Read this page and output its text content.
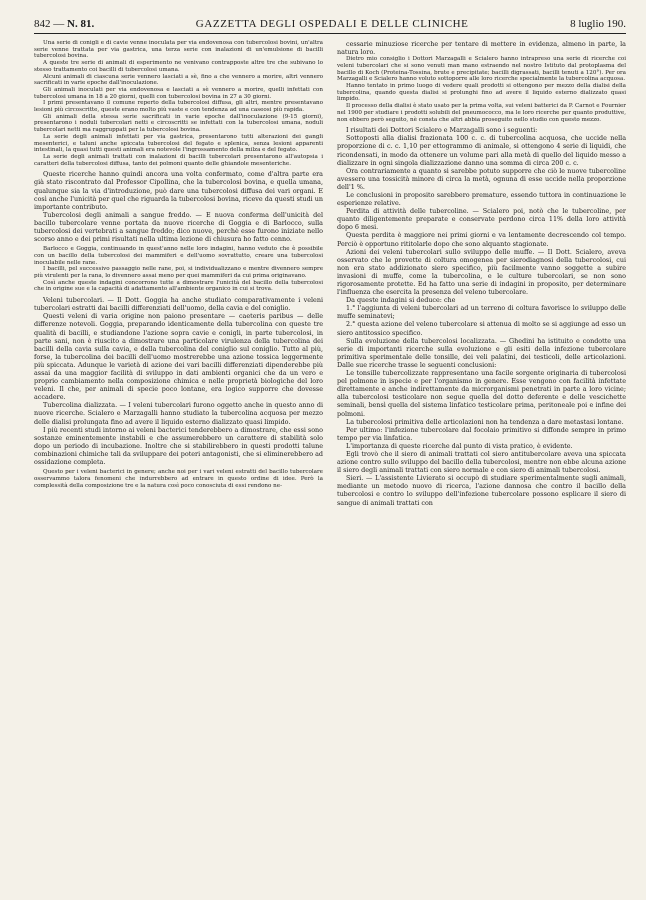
842 — N. 81.	GAZZETTA DEGLI OSPEDALI E DELLE CLINICHE	8 luglio 190.

Una serie di conigli e di cavie venne inoculata per via endovenosa con tubercolosi bovini, un'altra serie venne trattata per via gastrica, una terza serie con inalazioni di un'emulsione di bacilli tubercolosi bovina.

A queste tre serie di animali di esperimento ne venivano contrapposte altre tre che subivano lo stesso trattamento coi bacilli di tubercolosi umana.

Alcuni animali di ciascuna serie vennero lasciati a sè, fino a che vennero a morire, altri vennero sacrificati in varie epoche dall'inoculazione.

Gli animali inoculati per via endovenosa e lasciati a sè vennero a morire, quelli infettati con tubercolosi umana in 18 a 20 giorni, quelli con tubercolosi bovina in 27 a 30 giorni.

I primi presentavano il comune reperto della tubercolosi diffusa, gli altri, mentre presentavano lesioni più circoscritte, queste erano molto più vaste e con tendenza ad una caseosi più rapida.

Gli animali della stessa serie sacrificati in varie epoche dall'inoculazione (9-15 giorni), presentarono i noduli tubercolari netti e circoscritti se infettati con la tubercolosi umana, noduli tubercolari netti ma raggruppati per la tubercolosi bovina.

La serie degli animali infettati per via gastrica, presentarono tutti alterazioni dei gangli mesenterici, e taluni anche spiccata tubercolosi del fegato e splenica, senza lesioni apparenti intestinali, la quasi tutti questi animali era notevole l'ingrossamento della milza e del fegato.

La serie degli animali trattati con inalazioni di bacilli tubercolari presentarono all'autopsia i caratteri della tubercolosi diffusa, tanto dei polmoni quanto delle ghiandole mesenteriche.

Queste ricerche hanno quindi ancora una volta confermato, come d'altra parte era già stato riscontrato dal Professor Cipollina, che la tubercolosi bovina, e quella umana, qualunque sia la via d'introduzione, può dare una tubercolosi diffusa dei vari organi. E così anche l'unicità per quel che riguarda la tubercolosi bovina, riceve da questi studi un importante contributo.

Tubercolosi degli animali a sangue freddo. — E nuova conferma dell'unicità del bacillo tubercolare venne portata da nuove ricerche di Goggia e di Barlocco, sulla tubercolosi dei vertebrati a sangue freddo; dico nuove, perchè esse furono iniziate nello scorso anno e dei primi risultati nella ultima lezione di chiusura ho fatto cenno.

Barlocco e Goggia, continuando in quest'anno nelle loro indagini, hanno veduto che è possibile con un bacillo della tubercolosi dei mammiferi e dell'uomo sovrattutto, creare una tubercolosi inoculabile nelle rane.

I bacilli, pel successivo passaggio nelle rane, poi, si individualizzano e mentre divennero sempre più virulenti per la rana, lo divennero assai meno per quei mammiferi da cui prima originavano.

Così anche queste indagini concorrono tutte a dimostrare l'unicità del bacillo della tubercolosi che in origine sue e la capacità di adattamento all'ambiente organico in cui si trova.

Veleni tubercolari. — Il Dott. Goggia ha anche studiato comparativamente i veleni tubercolari estratti dai bacilli differenziati dell'uomo, della cavia e del coniglio.

Questi veleni di varia origine non paiono presentare — caeteris paribus — delle differenze notevoli. Goggia, preparando identicamente della tubercolina con queste tre qualità di bacilli, e studiandone l'azione sopra cavie e conigli, in parte tubercolosi, in parte sani, non è riuscito a dimostrare una particolare virulenza della tubercolina dei bacilli della cavia sulla cavia, e della tubercolina del coniglio sul coniglio. Tutto al più, forse, la tubercolina dei bacilli dell'uomo mostrerebbe una azione tossica leggermente più spiccata. Adunque le varietà di azione dei vari bacilli differenziati dipenderebbe più assai da una maggior facilità di sviluppo in dati ambienti organici che da un vero e proprio cambiamento nella composizione chimica e nelle proprietà biologiche del loro veleni. Il che, per animali di specie poco lontane, era logico supporre che dovesse accadere.

Tubercolina dializzata. — I veleni tubercolari furono oggetto anche in questo anno di nuove ricerche. Scialero e Marzagalli hanno studiato la tubercolina acquosa per mezzo delle dialisi prolungata fino ad avere il liquido esterno dializzato quasi limpido.

I più recenti studi intorno ai veleni bacterici tenderebbero a dimostrare, che essi sono sostanze eminentemente instabili e che assumerebbero un carattere di stabilità solo dopo un periodo di incubazione. Inoltre che si stabilirebbero in questi prodotti talune combinazioni chimiche tali da sviluppare dei poteri antagonisti, che si eliminerebbero ad ossidazione completa.

Questo per i veleni bacterici in genere; anche noi per i vari veleni estratti del bacillo tubercolare osservammo talora fenomeni che indurrebbero ad entrare in questo ordine di idee. Però la complessità della composizione tre e la natura così poco conosciuta di essi rendono ne-

cessarie minuziose ricerche per tentare di mettere in evidenza, almeno in parte, la natura loro.

Dietro mio consiglio i Dottori Marzagalli e Scialero hanno intrapreso una serie di ricerche coi veleni tubercolari che si sono venuti man mano estraendo nel nostro Istituto dal protoplasma del bacillo di Koch (Proteina-Tossina, brute e precipitate; bacilli digrassati, bacilli tenuti a 120°). Per ora Marzagalli e Scialero hanno voluto sottoporre alle loro ricerche specialmente la tubercolina acquosa.

Hanno tentato in primo luogo di vedere quali prodotti si ottengono per mezzo della dialisi della tubercolina, quando questa dialisi si prolunghi fino ad avere il liquido esterno dializzato quasi limpido.

Il processo della dialisi è stato usato per la prima volta, sui veleni batterici da P. Carnot e Fournier nel 1900 per studiare i prodotti solubili del pneumococco, ma le loro ricerche per quanto produttive, non ebbero però seguito, nè consta che altri abbia proseguito nello studio con questo mezzo.

I risultati dei Dottori Scialero e Marzagalli sono i seguenti:

Sottoposti alla dialisi frazionata 100 c. c. di tubercolina acquosa, che uccide nella proporzione di c. c. 1,10 per ettogrammo di animale, si ottengono 4 serie di liquidi, che ricondensati, in modo da ottenere un volume pari alla metà di quello del liquido messo a dializzare in ogni singola dializzazione danno una somma di circa 200 c. c.

Ora contrariamente a quanto si sarebbe potuto supporre che ciò le nuove tubercoline avessero una tossicità minore di circa la metà, ognuna di esse uccide nella proporzione dell'1 %.

Le conclusioni in proposito sarebbero premature, essendo tuttora in continuazione le esperienze relative.

Perdita di attività delle tubercoline. — Scialero poi, notò che le tubercoline, per quanto diligentemente preparate e conservate perdono circa 11% della loro attività dopo 6 mesi.

Questa perdita è maggiore nei primi giorni e va lentamente decrescendo col tempo. Perciò è opportuno rititolarle dopo che sono alquanto stagionate.

Azioni dei veleni tubercolari sullo sviluppo delle muffe. — Il Dott. Scialero, aveva osservato che le provette di coltura omogenea per sierodiagnosi della tubercolosi, cui non era stato addizionato siero specifico, più facilmente vanno soggette a subire invasioni di muffe, come la tubercolina, e le culture tubercolari, se non sono rigorosamente protette. Ed ha fatto una serie di indagini in proposito, per determinare l'influenza che esercita la presenza del veleno tubercolare.

Da queste indagini si deduce: che

1.° l'aggiunta di veleni tubercolari ad un terreno di coltura favorisce lo sviluppo delle muffe seminatevi;

2.° questa azione del veleno tubercolare si attenua di molto se si aggiunge ad esso un siero antitossico specifico.

Sulla evoluzione della tubercolosi localizzata. — Ghedini ha istituito e condotte una serie di importanti ricerche sulla evoluzione e gli esiti della infezione tubercolare primitiva sperimentale delle tonsille, dei veli palatini, dei testicoli, delle articolazioni. Dalle sue ricerche trasse le seguenti conclusioni:

Le tonsille tubercolizzate rappresentano una facile sorgente originaria di tubercolosi pel polmone in ispecie e per l'organismo in genere. Esse vengono con facilità infettate direttamente e anche indirettamente da microrganismi penetrati in parte a loro vicine; alla tubercolosi testicolare non segue quella del dotto deferente e delle vescichette seminali, bensì quella del sistema linfatico testicolare prima, peritoneale poi e infine dei polmoni.

La tubercolosi primitiva delle articolazioni non ha tendenza a dare metastasi lontane.

Per ultimo: l'infezione tubercolare dal focolaio primitivo si diffonde sempre in primo tempo per via linfatica.

L'importanza di queste ricerche dal punto di vista pratico, è evidente.

Egli trovò che il siero di animali trattati col siero antitubercolare aveva una spiccata azione contro sullo sviluppo del bacillo della tubercolosi, mentre non ebbe alcuna azione il siero degli animali trattati con siero normale e con siero di animali tubercolosi.

Sieri. — L'assistente Livierato si occupò di studiare sperimentalmente sugli animali, mediante un metodo nuovo di ricerca, l'azione dannosa che contro il bacillo della tubercolosi e contro lo sviluppo dell'infezione tubercolare possono esplicare il siero di sangue di animali trattati con
